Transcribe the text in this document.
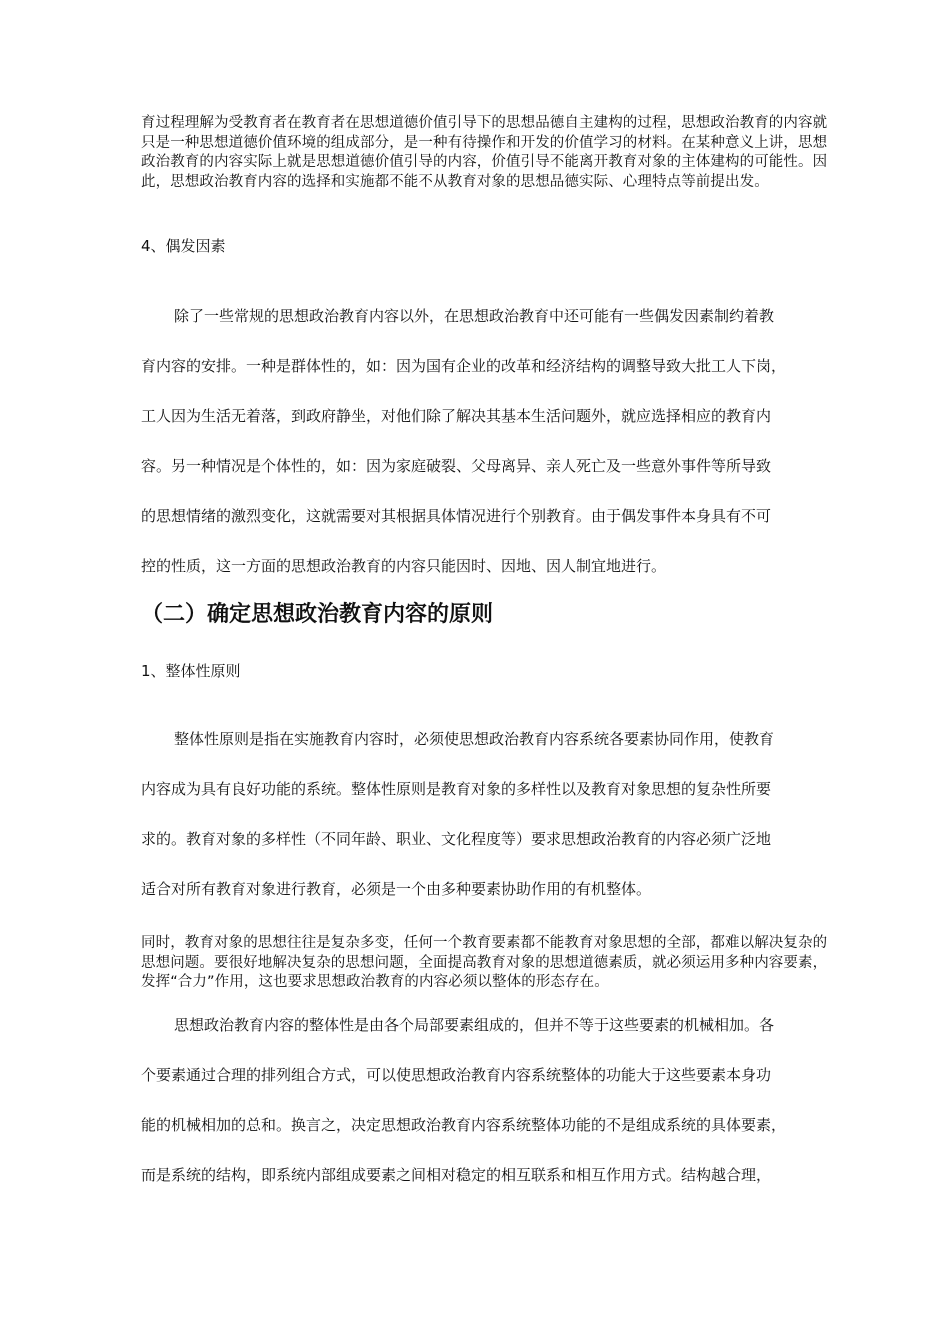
育过程理解为受教育者在教育者在思想道德价值引导下的思想品德自主建构的过程，思想政治教育的内容就只是一种思想道德价值环境的组成部分，是一种有待操作和开发的价值学习的材料。在某种意义上讲，思想政治教育的内容实际上就是思想道德价值引导的内容，价值引导不能离开教育对象的主体建构的可能性。因此，思想政治教育内容的选择和实施都不能不从教育对象的思想品德实际、心理特点等前提出发。

4、偶发因素

除了一些常规的思想政治教育内容以外，在思想政治教育中还可能有一些偶发因素制约着教
育内容的安排。一种是群体性的，如：因为国有企业的改革和经济结构的调整导致大批工人下岗，
工人因为生活无着落，到政府静坐，对他们除了解决其基本生活问题外，就应选择相应的教育内
容。另一种情况是个体性的，如：因为家庭破裂、父母离异、亲人死亡及一些意外事件等所导致
的思想情绪的激烈变化，这就需要对其根据具体情况进行个别教育。由于偶发事件本身具有不可
控的性质，这一方面的思想政治教育的内容只能因时、因地、因人制宜地进行。
（二）确定思想政治教育内容的原则

1、整体性原则

整体性原则是指在实施教育内容时，必须使思想政治教育内容系统各要素协同作用，使教育
内容成为具有良好功能的系统。整体性原则是教育对象的多样性以及教育对象思想的复杂性所要
求的。教育对象的多样性（不同年龄、职业、文化程度等）要求思想政治教育的内容必须广泛地
适合对所有教育对象进行教育，必须是一个由多种要素协助作用的有机整体。

同时，教育对象的思想往往是复杂多变，任何一个教育要素都不能教育对象思想的全部，都难以解决复杂的思想问题。要很好地解决复杂的思想问题，全面提高教育对象的思想道德素质，就必须运用多种内容要素，发挥“合力”作用，这也要求思想政治教育的内容必须以整体的形态存在。

思想政治教育内容的整体性是由各个局部要素组成的，但并不等于这些要素的机械相加。各
个要素通过合理的排列组合方式，可以使思想政治教育内容系统整体的功能大于这些要素本身功
能的机械相加的总和。换言之，决定思想政治教育内容系统整体功能的不是组成系统的具体要素，
而是系统的结构，即系统内部组成要素之间相对稳定的相互联系和相互作用方式。结构越合理，
